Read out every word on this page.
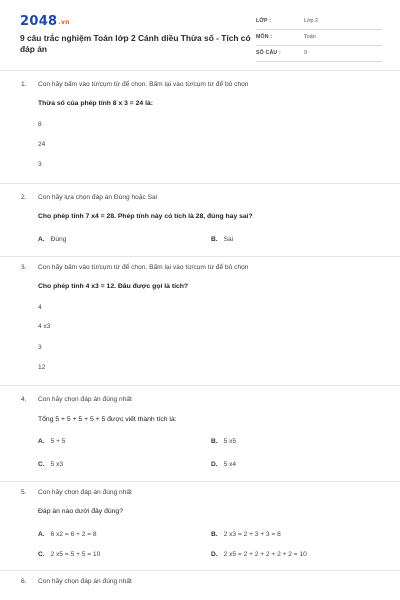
2048.vn
9 câu trắc nghiệm Toán lớp 2 Cánh diều Thừa số - Tích có đáp án
LỚP :	Lớp 2
MÔN :	Toán
SỐ CÂU :	9
1. Con hãy bấm vào từ/cụm từ để chọn. Bấm lại vào từ/cụm từ để bỏ chọn
Thừa số của phép tính 8 x 3 = 24 là:
8
24
3
2. Con hãy lựa chọn đáp án Đúng hoặc Sai
Cho phép tính 7 x4 = 28. Phép tính này có tích là 28, đúng hay sai?
A. Đúng	B. Sai
3. Con hãy bấm vào từ/cụm từ để chọn. Bấm lại vào từ/cụm từ để bỏ chọn
Cho phép tính 4 x3 = 12. Đâu được gọi là tích?
4
4 x3
3
12
4. Con hãy chọn đáp án đúng nhất
Tổng 5 + 5 + 5 + 5 + 5 được viết thành tích là:
A. 5 + 5	B. 5 x5
C. 5 x3	D. 5 x4
5. Con hãy chọn đáp án đúng nhất
Đáp án nào dưới đây đúng?
A. 6 x2 = 6 + 2 = 8	B. 2 x3 = 2 + 3 + 3 = 8
C. 2 x5 = 5 + 5 = 10	D. 2 x5 = 2 + 2 + 2 + 2 + 2 = 10
6. Con hãy chọn đáp án đúng nhất
